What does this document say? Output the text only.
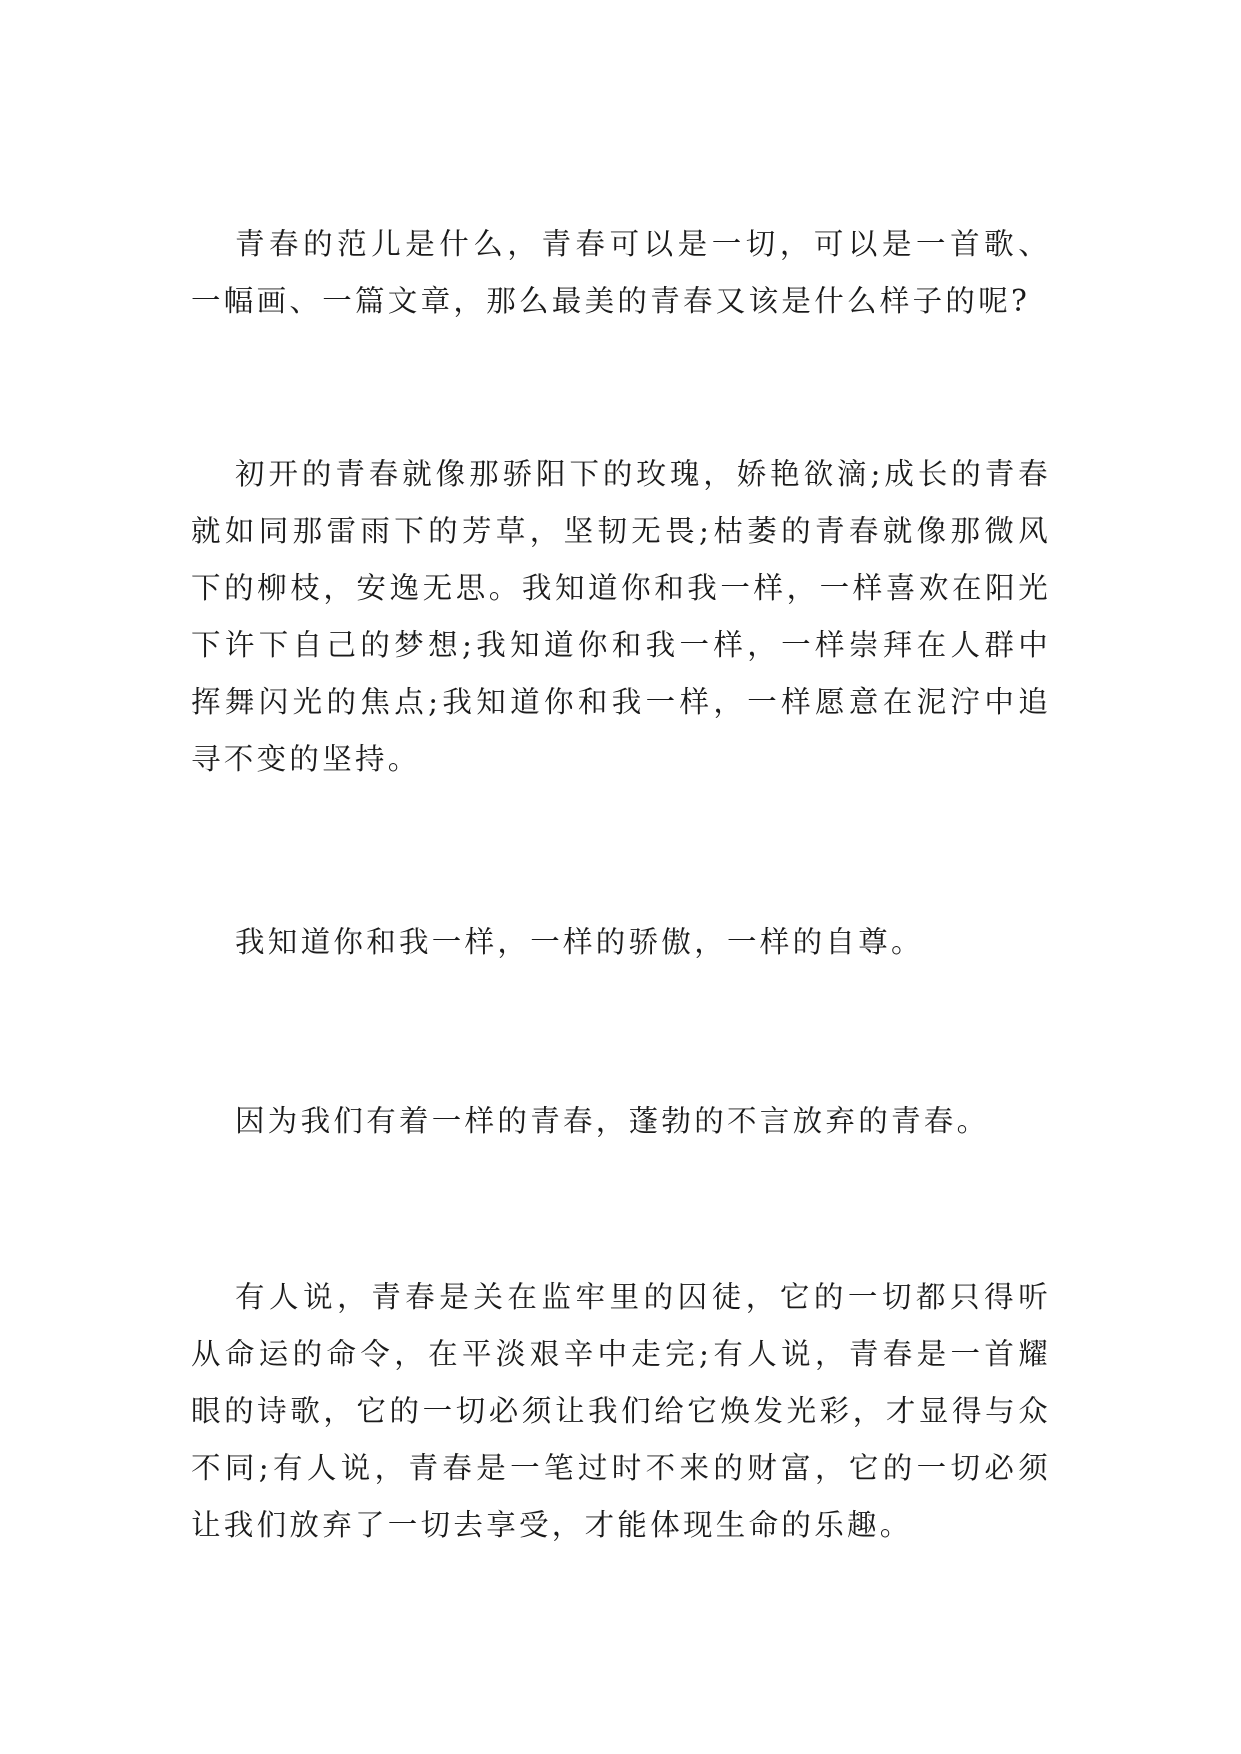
青春的范儿是什么，青春可以是一切，可以是一首歌、一幅画、一篇文章，那么最美的青春又该是什么样子的呢?

初开的青春就像那骄阳下的玫瑰，娇艳欲滴;成长的青春就如同那雷雨下的芳草，坚韧无畏;枯萎的青春就像那微风下的柳枝，安逸无思。我知道你和我一样，一样喜欢在阳光下许下自己的梦想;我知道你和我一样，一样崇拜在人群中挥舞闪光的焦点;我知道你和我一样，一样愿意在泥泞中追寻不变的坚持。

我知道你和我一样，一样的骄傲，一样的自尊。

因为我们有着一样的青春，蓬勃的不言放弃的青春。

有人说，青春是关在监牢里的囚徒，它的一切都只得听从命运的命令，在平淡艰辛中走完;有人说，青春是一首耀眼的诗歌，它的一切必须让我们给它焕发光彩，才显得与众不同;有人说，青春是一笔过时不来的财富，它的一切必须让我们放弃了一切去享受，才能体现生命的乐趣。
